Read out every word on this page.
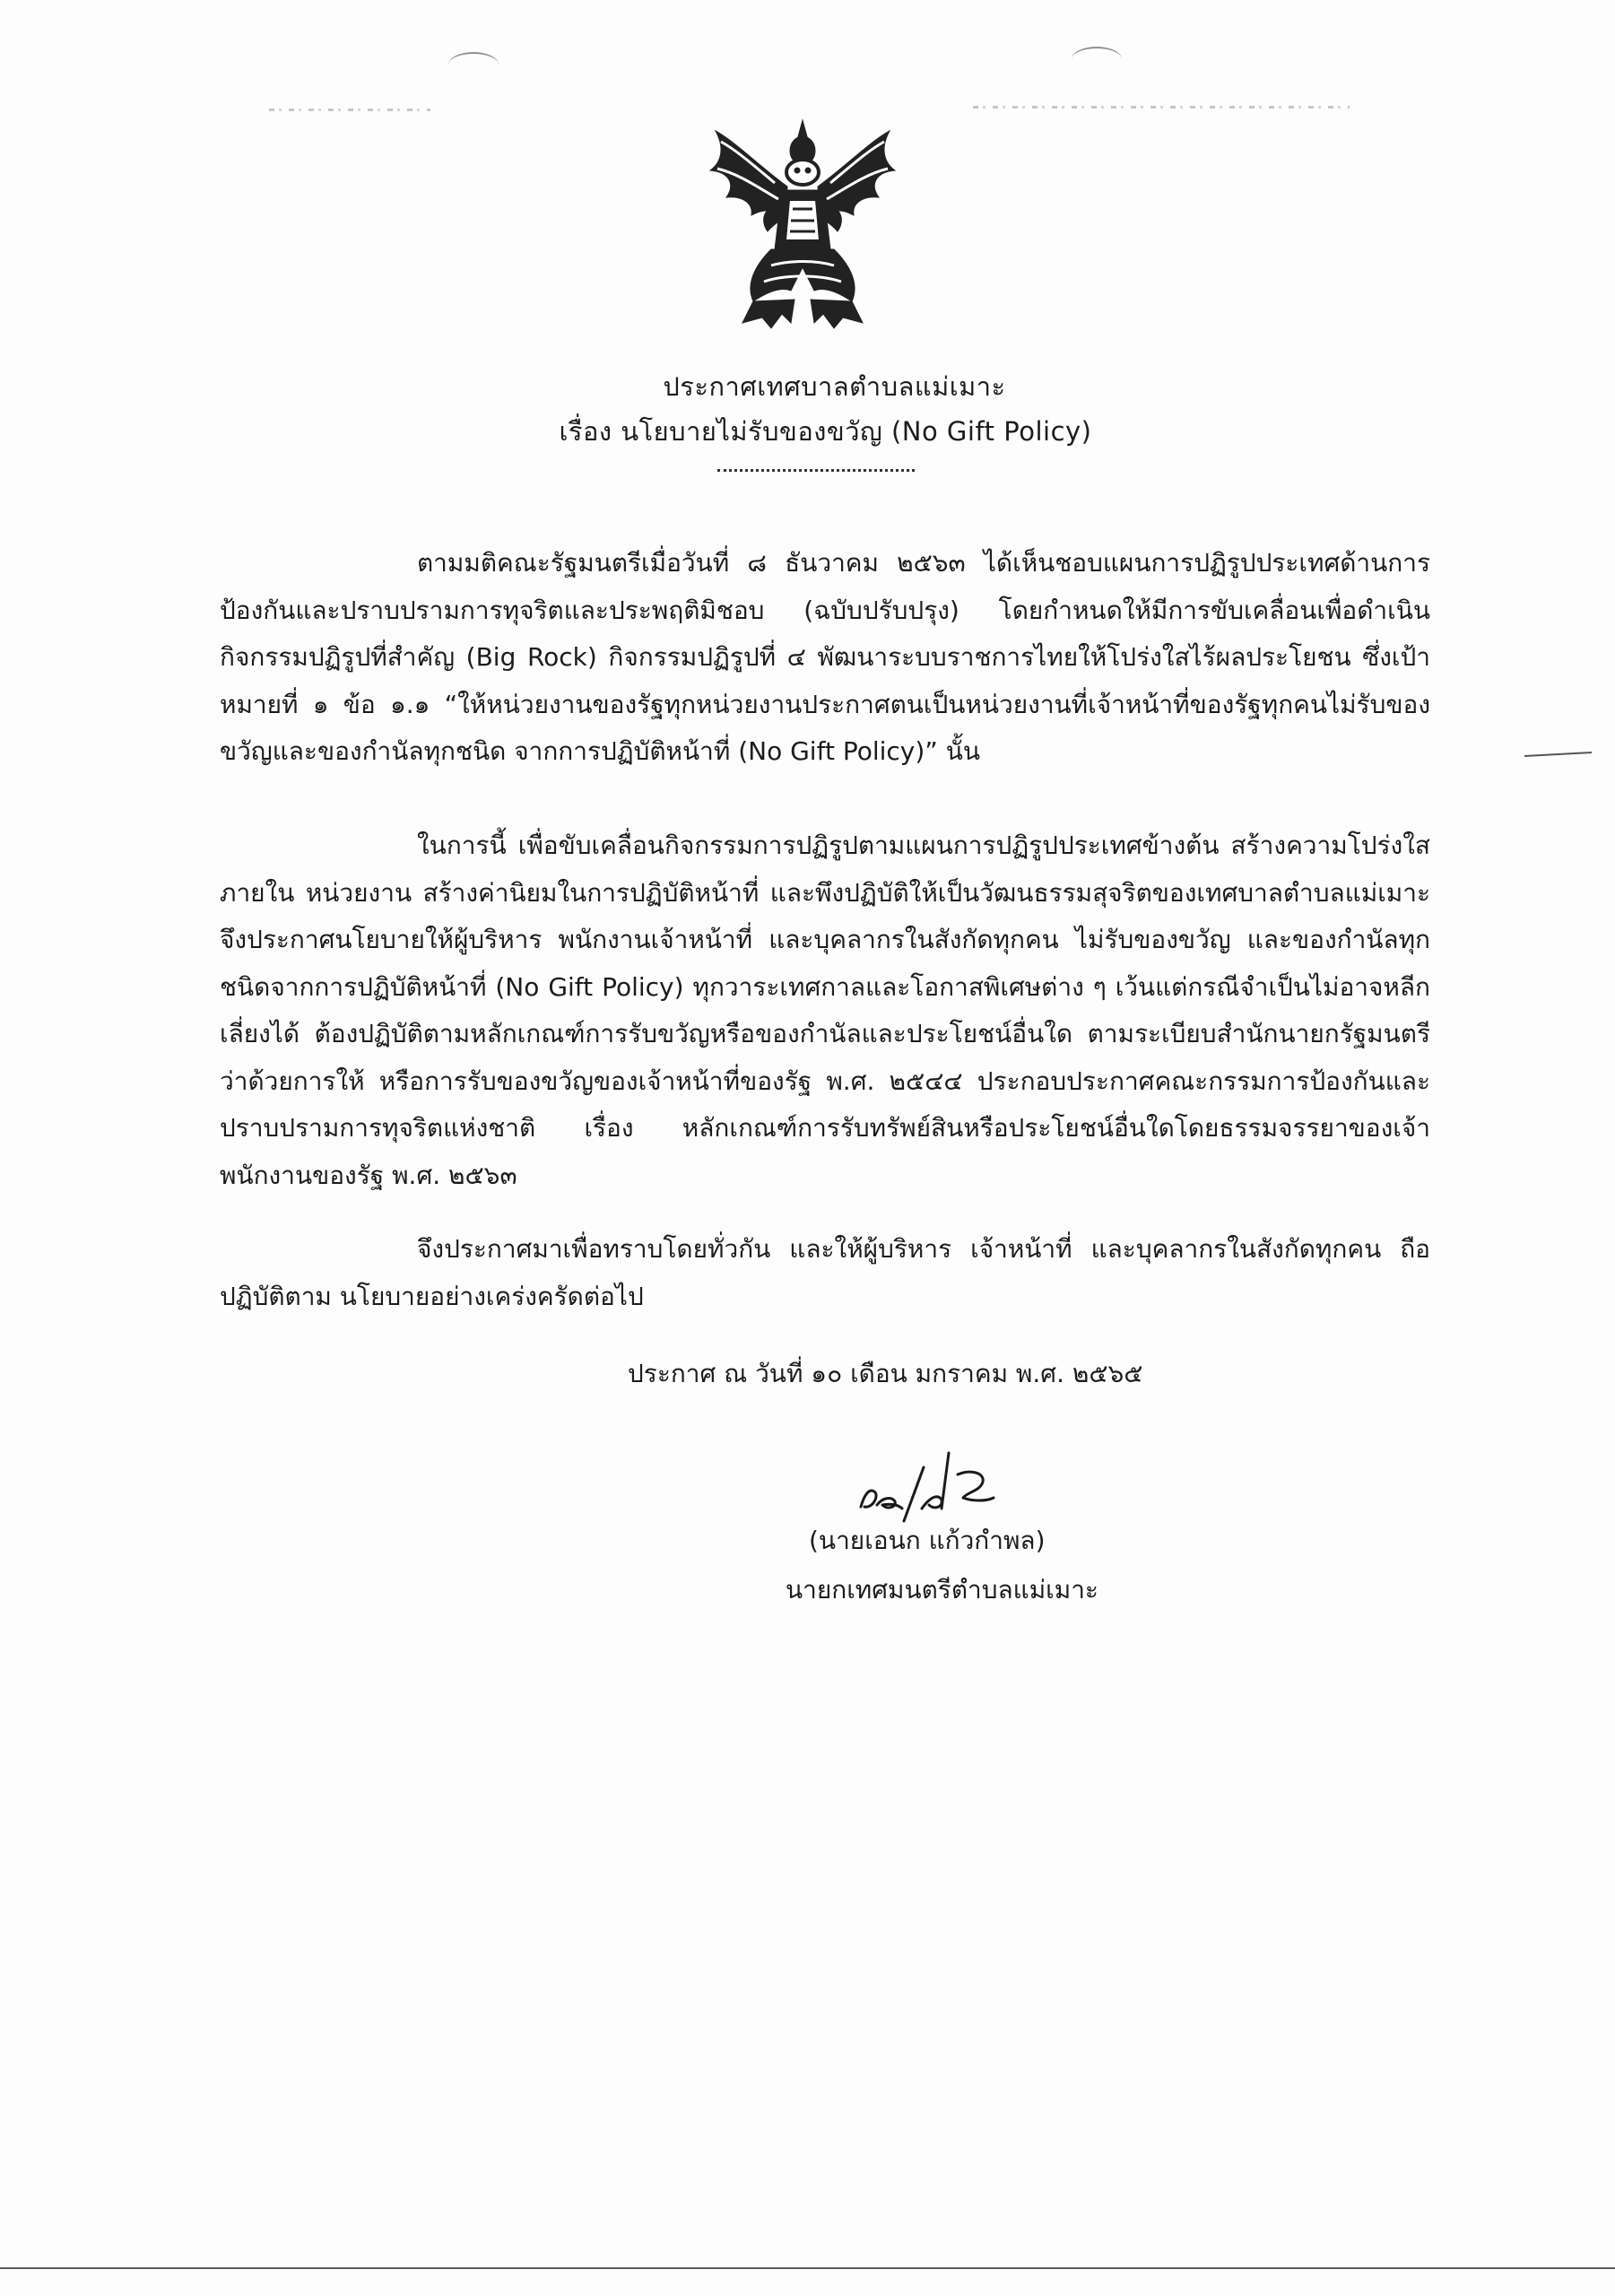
ประกาศเทศบาลตำบลแม่เมาะ
เรื่อง นโยบายไม่รับของขวัญ (No Gift Policy)

ตามมติคณะรัฐมนตรีเมื่อวันที่ ๘ ธันวาคม ๒๕๖๓ ได้เห็นชอบแผนการปฏิรูปประเทศด้านการป้องกันและปราบปรามการทุจริตและประพฤติมิชอบ (ฉบับปรับปรุง) โดยกำหนดให้มีการขับเคลื่อนเพื่อดำเนินกิจกรรมปฏิรูปที่สำคัญ (Big Rock) กิจกรรมปฏิรูปที่ ๔ พัฒนาระบบราชการไทยให้โปร่งใสไร้ผลประโยชน ซึ่งเป้าหมายที่ ๑ ข้อ ๑.๑ “ให้หน่วยงานของรัฐทุกหน่วยงานประกาศตนเป็นหน่วยงานที่เจ้าหน้าที่ของรัฐทุกคนไม่รับของขวัญและของกำนัลทุกชนิด จากการปฏิบัติหน้าที่ (No Gift Policy)” นั้น

ในการนี้ เพื่อขับเคลื่อนกิจกรรมการปฏิรูปตามแผนการปฏิรูปประเทศข้างต้น สร้างความโปร่งใสภายใน หน่วยงาน สร้างค่านิยมในการปฏิบัติหน้าที่ และพึงปฏิบัติให้เป็นวัฒนธรรมสุจริตของเทศบาลตำบลแม่เมาะ จึงประกาศนโยบายให้ผู้บริหาร พนักงานเจ้าหน้าที่ และบุคลากรในสังกัดทุกคน ไม่รับของขวัญ และของกำนัลทุกชนิดจากการปฏิบัติหน้าที่ (No Gift Policy) ทุกวาระเทศกาลและโอกาสพิเศษต่าง ๆ เว้นแต่กรณีจำเป็นไม่อาจหลีกเลี่ยงได้ ต้องปฏิบัติตามหลักเกณฑ์การรับขวัญหรือของกำนัลและประโยชน์อื่นใด ตามระเบียบสำนักนายกรัฐมนตรีว่าด้วยการให้ หรือการรับของขวัญของเจ้าหน้าที่ของรัฐ พ.ศ. ๒๕๔๔ ประกอบประกาศคณะกรรมการป้องกันและปราบปรามการทุจริตแห่งชาติ เรื่อง หลักเกณฑ์การรับทรัพย์สินหรือประโยชน์อื่นใดโดยธรรมจรรยาของเจ้าพนักงานของรัฐ พ.ศ. ๒๕๖๓

จึงประกาศมาเพื่อทราบโดยทั่วกัน และให้ผู้บริหาร เจ้าหน้าที่ และบุคลากรในสังกัดทุกคน ถือปฏิบัติตาม นโยบายอย่างเคร่งครัดต่อไป

ประกาศ ณ วันที่ ๑๐ เดือน มกราคม พ.ศ. ๒๕๖๕
(นายเอนก แก้วกำพล)
นายกเทศมนตรีตำบลแม่เมาะ
